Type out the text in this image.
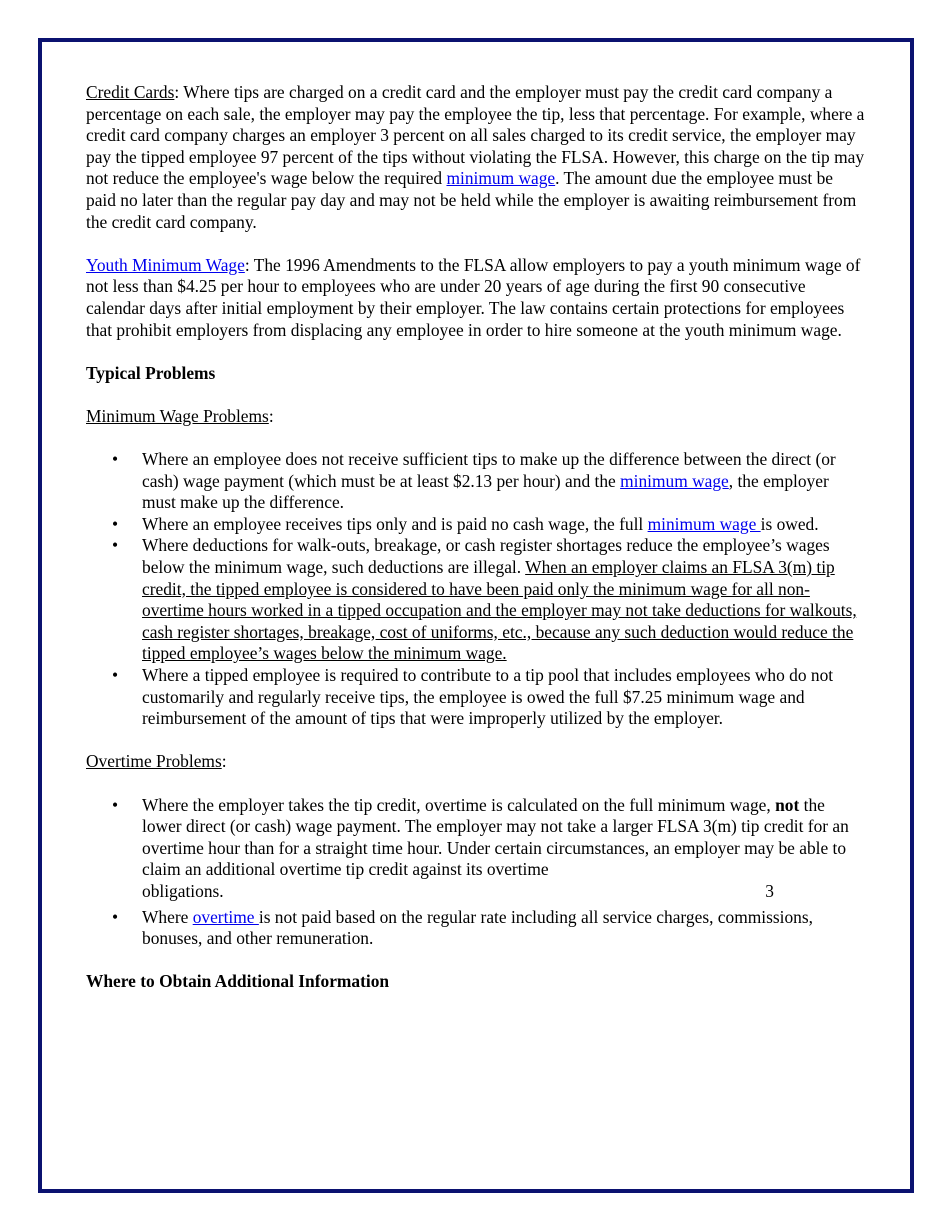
Credit Cards: Where tips are charged on a credit card and the employer must pay the credit card company a percentage on each sale, the employer may pay the employee the tip, less that percentage. For example, where a credit card company charges an employer 3 percent on all sales charged to its credit service, the employer may pay the tipped employee 97 percent of the tips without violating the FLSA. However, this charge on the tip may not reduce the employee's wage below the required minimum wage. The amount due the employee must be paid no later than the regular pay day and may not be held while the employer is awaiting reimbursement from the credit card company.

Youth Minimum Wage: The 1996 Amendments to the FLSA allow employers to pay a youth minimum wage of not less than $4.25 per hour to employees who are under 20 years of age during the first 90 consecutive calendar days after initial employment by their employer. The law contains certain protections for employees that prohibit employers from displacing any employee in order to hire someone at the youth minimum wage.

Typical Problems

Minimum Wage Problems:

• Where an employee does not receive sufficient tips to make up the difference between the direct (or cash) wage payment (which must be at least $2.13 per hour) and the minimum wage, the employer must make up the difference.
• Where an employee receives tips only and is paid no cash wage, the full minimum wage is owed.
• Where deductions for walk-outs, breakage, or cash register shortages reduce the employee’s wages below the minimum wage, such deductions are illegal. When an employer claims an FLSA 3(m) tip credit, the tipped employee is considered to have been paid only the minimum wage for all non-overtime hours worked in a tipped occupation and the employer may not take deductions for walkouts, cash register shortages, breakage, cost of uniforms, etc., because any such deduction would reduce the tipped employee’s wages below the minimum wage.
• Where a tipped employee is required to contribute to a tip pool that includes employees who do not customarily and regularly receive tips, the employee is owed the full $7.25 minimum wage and reimbursement of the amount of tips that were improperly utilized by the employer.

Overtime Problems:

• Where the employer takes the tip credit, overtime is calculated on the full minimum wage, not the lower direct (or cash) wage payment. The employer may not take a larger FLSA 3(m) tip credit for an overtime hour than for a straight time hour. Under certain circumstances, an employer may be able to claim an additional overtime tip credit against its overtime
obligations.	3
• Where overtime is not paid based on the regular rate including all service charges, commissions, bonuses, and other remuneration.

Where to Obtain Additional Information
